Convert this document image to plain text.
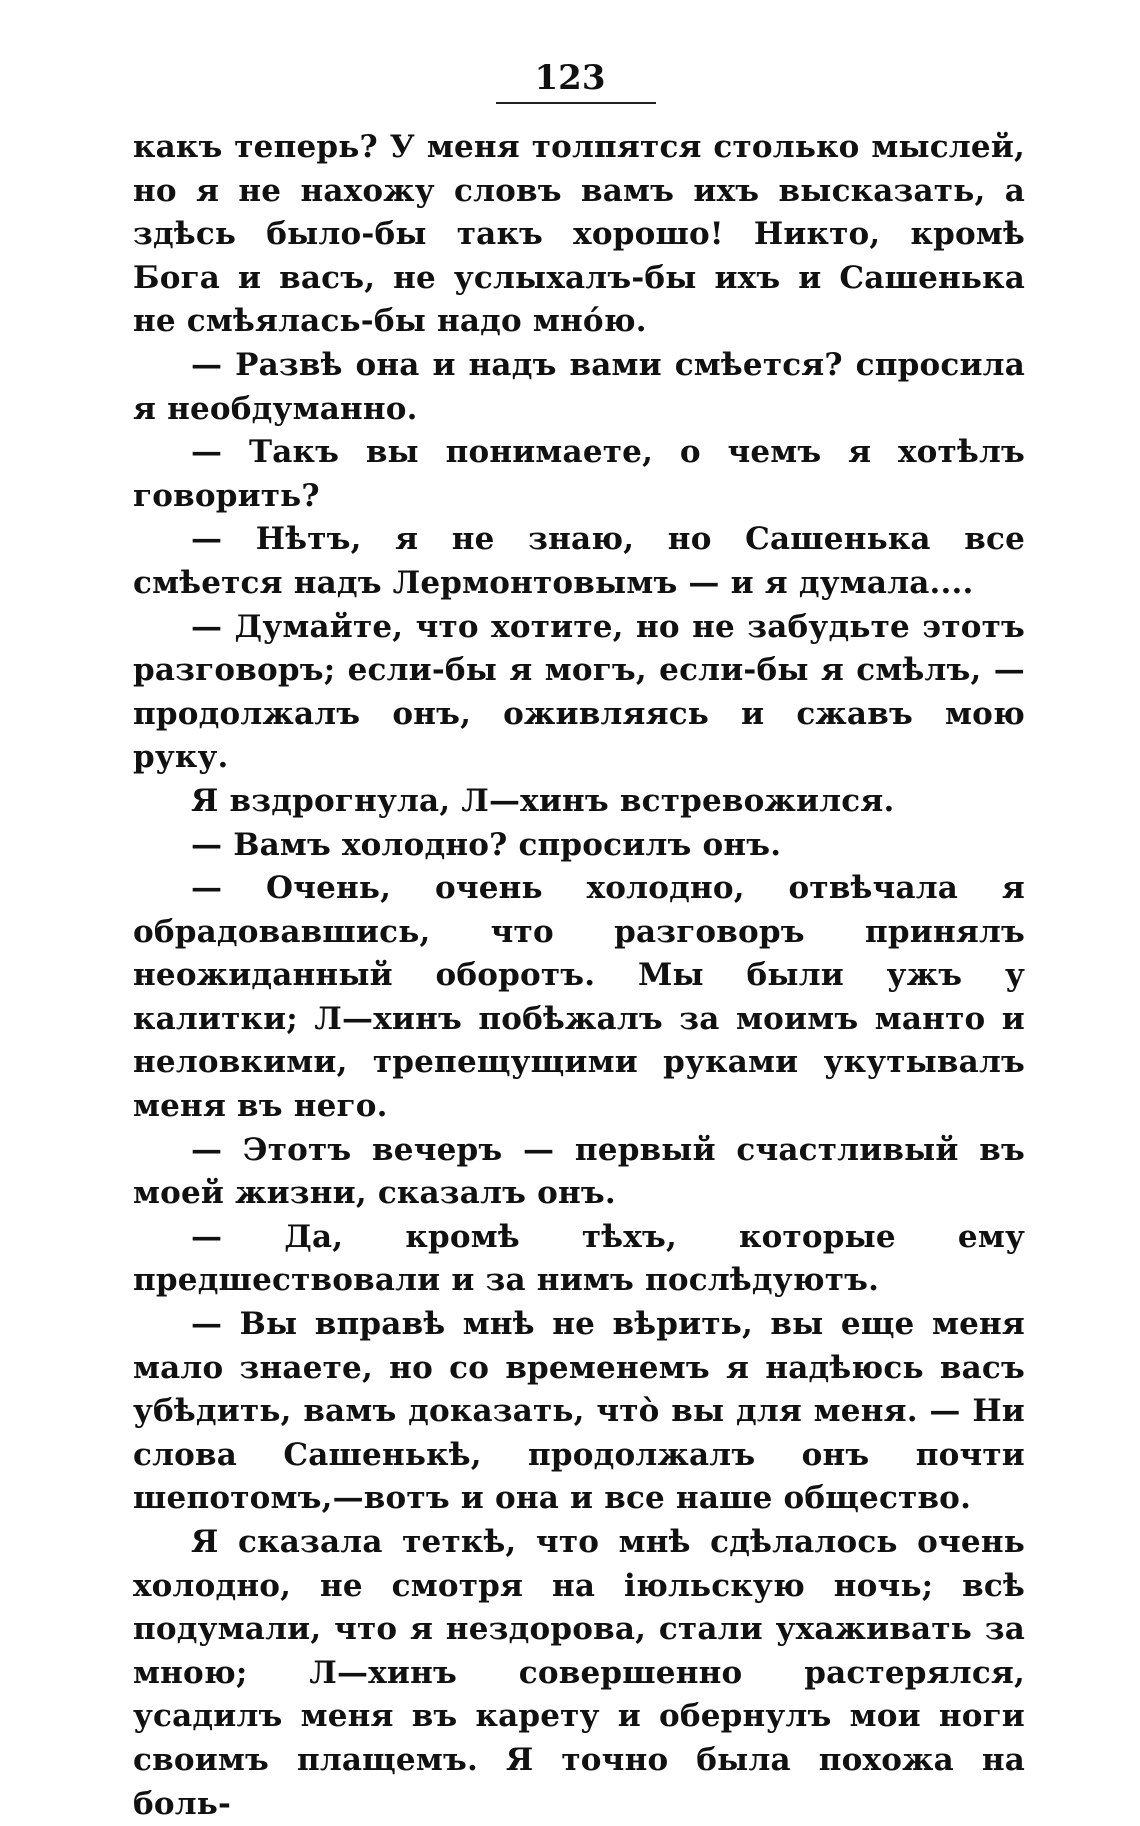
123

какъ теперь? У меня толпятся столько мыслей, но я не нахожу словъ вамъ ихъ высказать, а здѣсь было-бы такъ хорошо! Никто, кромѣ Бога и васъ, не услыхалъ-бы ихъ и Сашенька не смѣялась-бы надо мнóю.

— Развѣ она и надъ вами смѣется? спросила я необдуманно.

— Такъ вы понимаете, о чемъ я хотѣлъ говорить?

— Нѣтъ, я не знаю, но Сашенька все смѣется надъ Лермонтовымъ — и я думала....

— Думайте, что хотите, но не забудьте этотъ разговоръ; если-бы я могъ, если-бы я смѣлъ, — продолжалъ онъ, оживляясь и сжавъ мою руку.

Я вздрогнула, Л—хинъ встревожился.

— Вамъ холодно? спросилъ онъ.

— Очень, очень холодно, отвѣчала я обрадовавшись, что разговоръ принялъ неожиданный оборотъ. Мы были ужъ у калитки; Л—хинъ побѣжалъ за моимъ манто и неловкими, трепещущими руками укутывалъ меня въ него.

— Этотъ вечеръ — первый счастливый въ моей жизни, сказалъ онъ.

— Да, кромѣ тѣхъ, которые ему предшествовали и за нимъ послѣдуютъ.

— Вы вправѣ мнѣ не вѣрить, вы еще меня мало знаете, но со временемъ я надѣюсь васъ убѣдить, вамъ доказать, чтò вы для меня. — Ни слова Сашенькѣ, продолжалъ онъ почти шепотомъ,—вотъ и она и все наше общество.

Я сказала теткѣ, что мнѣ сдѣлалось очень холодно, не смотря на іюльскую ночь; всѣ подумали, что я нездорова, стали ухаживать за мною; Л—хинъ совершенно растерялся, усадилъ меня въ карету и обернулъ мои ноги своимъ плащемъ. Я точно была похожа на боль-
